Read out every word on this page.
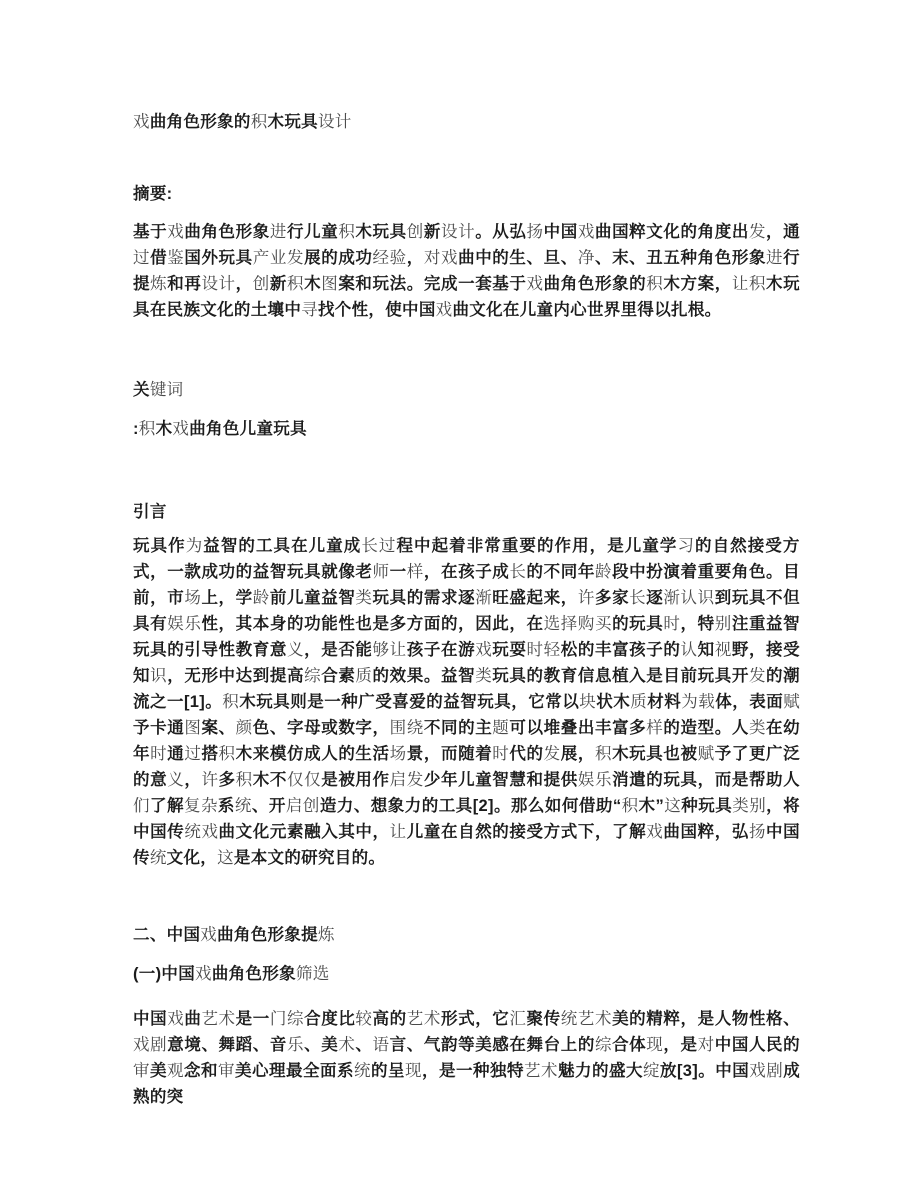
戏曲角色形象的积木玩具设计
摘要:
基于戏曲角色形象进行儿童积木玩具创新设计。从弘扬中国戏曲国粹文化的角度出发，通过借鉴国外玩具产业发展的成功经验，对戏曲中的生、旦、净、末、丑五种角色形象进行提炼和再设计，创新积木图案和玩法。完成一套基于戏曲角色形象的积木方案，让积木玩具在民族文化的土壤中寻找个性，使中国戏曲文化在儿童内心世界里得以扎根。
关键词
:积木戏曲角色儿童玩具
引言
玩具作为益智的工具在儿童成长过程中起着非常重要的作用，是儿童学习的自然接受方式，一款成功的益智玩具就像老师一样，在孩子成长的不同年龄段中扮演着重要角色。目前，市场上，学龄前儿童益智类玩具的需求逐渐旺盛起来，许多家长逐渐认识到玩具不但具有娱乐性，其本身的功能性也是多方面的，因此，在选择购买的玩具时，特别注重益智玩具的引导性教育意义，是否能够让孩子在游戏玩耍时轻松的丰富孩子的认知视野，接受知识，无形中达到提高综合素质的效果。益智类玩具的教育信息植入是目前玩具开发的潮流之一[1]。积木玩具则是一种广受喜爱的益智玩具，它常以块状木质材料为载体，表面赋予卡通图案、颜色、字母或数字，围绕不同的主题可以堆叠出丰富多样的造型。人类在幼年时通过搭积木来模仿成人的生活场景，而随着时代的发展，积木玩具也被赋予了更广泛的意义，许多积木不仅仅是被用作启发少年儿童智慧和提供娱乐消遣的玩具，而是帮助人们了解复杂系统、开启创造力、想象力的工具[2]。那么如何借助“积木”这种玩具类别，将中国传统戏曲文化元素融入其中，让儿童在自然的接受方式下，了解戏曲国粹，弘扬中国传统文化，这是本文的研究目的。
二、中国戏曲角色形象提炼
(一)中国戏曲角色形象筛选
中国戏曲艺术是一门综合度比较高的艺术形式，它汇聚传统艺术美的精粹，是人物性格、戏剧意境、舞蹈、音乐、美术、语言、气韵等美感在舞台上的综合体现，是对中国人民的审美观念和审美心理最全面系统的呈现，是一种独特艺术魅力的盛大绽放[3]。中国戏剧成熟的突
